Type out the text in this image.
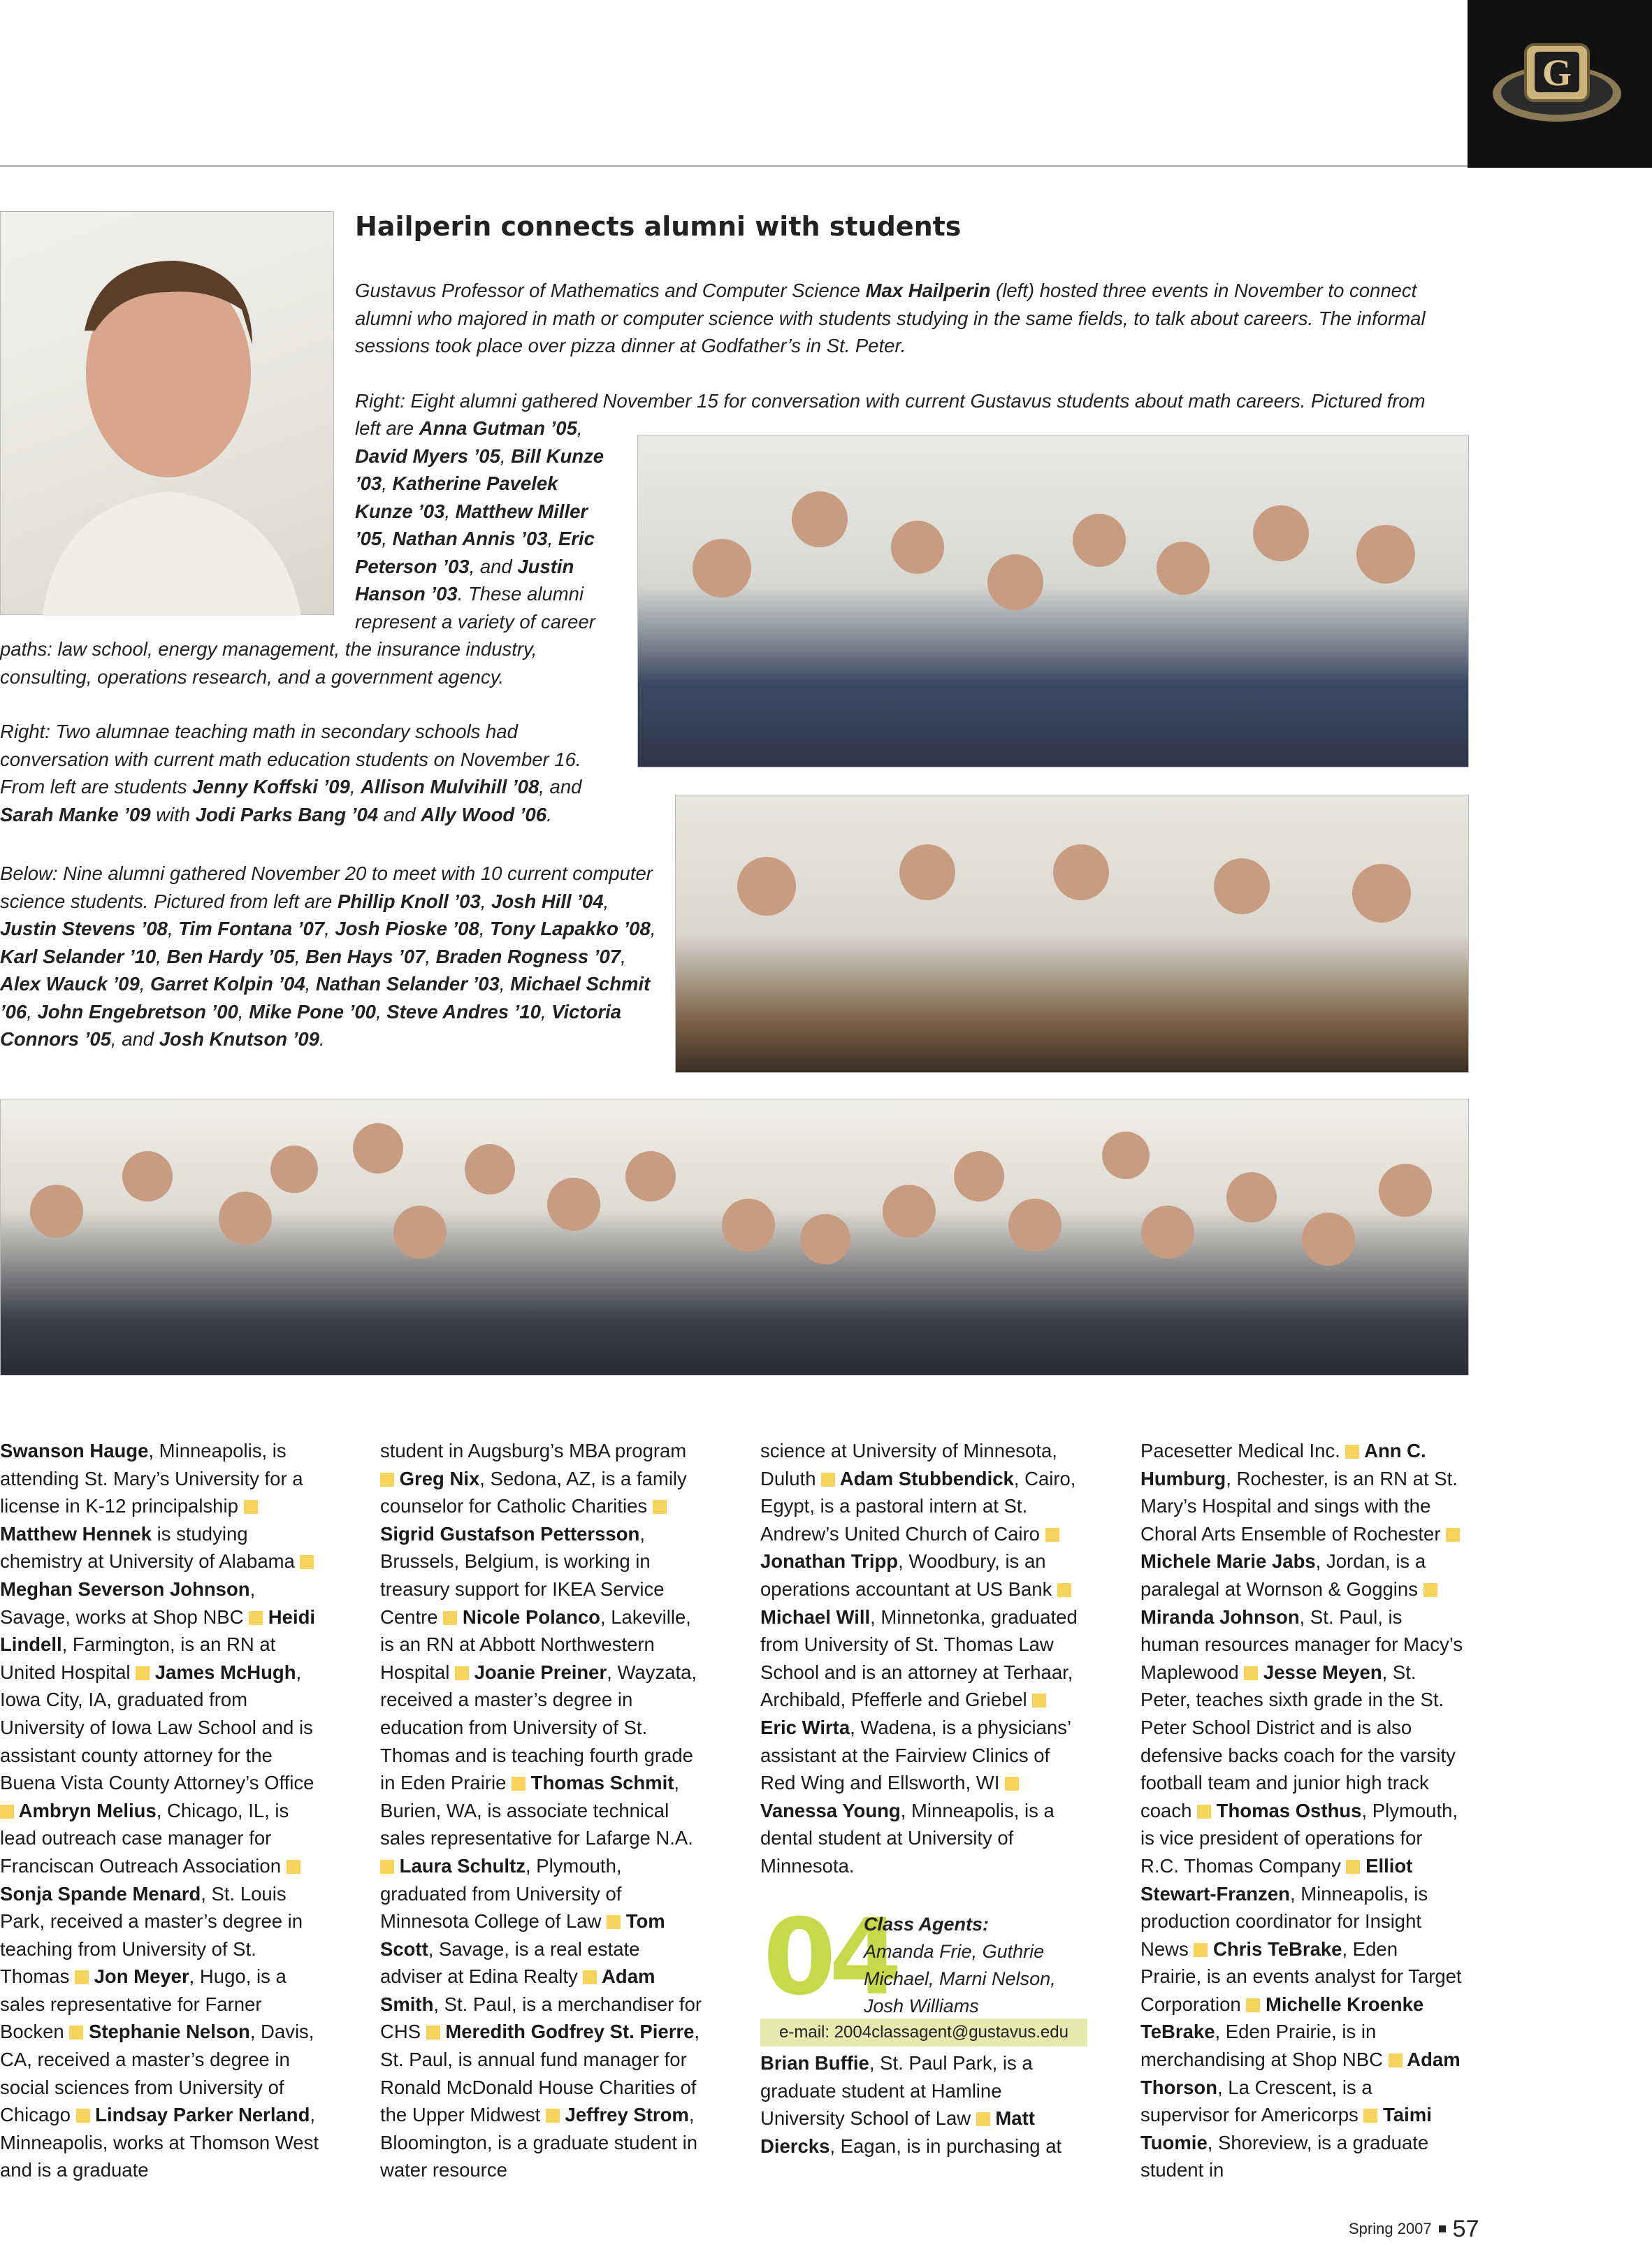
G
Hailperin connects alumni with students
Gustavus Professor of Mathematics and Computer Science Max Hailperin (left) hosted three events in November to connect alumni who majored in math or computer science with students studying in the same fields, to talk about careers. The informal sessions took place over pizza dinner at Godfather’s in St. Peter.
Right: Eight alumni gathered November 15 for conversation with current Gustavus students about math careers. Pictured from
left are Anna Gutman ’05, David Myers ’05, Bill Kunze ’03, Katherine Pavelek Kunze ’03, Matthew Miller ’05, Nathan Annis ’03, Eric Peterson ’03, and Justin Hanson ’03. These alumni represent a variety of career
paths: law school, energy management, the insurance industry, consulting, operations research, and a government agency.
Right: Two alumnae teaching math in secondary schools had conversation with current math education students on November 16. From left are students Jenny Koffski ’09, Allison Mulvihill ’08, and Sarah Manke ’09 with Jodi Parks Bang ’04 and Ally Wood ’06.
Below: Nine alumni gathered November 20 to meet with 10 current computer science students. Pictured from left are Phillip Knoll ’03, Josh Hill ’04, Justin Stevens ’08, Tim Fontana ’07, Josh Pioske ’08, Tony Lapakko ’08, Karl Selander ’10, Ben Hardy ’05, Ben Hays ’07, Braden Rogness ’07, Alex Wauck ’09, Garret Kolpin ’04, Nathan Selander ’03, Michael Schmit ’06, John Engebretson ’00, Mike Pone ’00, Steve Andres ’10, Victoria Connors ’05, and Josh Knutson ’09.
Swanson Hauge, Minneapolis, is attending St. Mary’s University for a license in K-12 principalship  Matthew Hennek is studying chemistry at University of Alabama  Meghan Severson Johnson, Savage, works at Shop NBC  Heidi Lindell, Farmington, is an RN at United Hospital  James McHugh, Iowa City, IA, graduated from University of Iowa Law School and is assistant county attorney for the Buena Vista County Attorney’s Office  Ambryn Melius, Chicago, IL, is lead outreach case manager for Franciscan Outreach Association  Sonja Spande Menard, St. Louis Park, received a master’s degree in teaching from University of St. Thomas  Jon Meyer, Hugo, is a sales representative for Farner Bocken  Stephanie Nelson, Davis, CA, received a master’s degree in social sciences from University of Chicago  Lindsay Parker Nerland, Minneapolis, works at Thomson West and is a graduate
student in Augsburg’s MBA program  Greg Nix, Sedona, AZ, is a family counselor for Catholic Charities  Sigrid Gustafson Pettersson, Brussels, Belgium, is working in treasury support for IKEA Service Centre  Nicole Polanco, Lakeville, is an RN at Abbott Northwestern Hospital  Joanie Preiner, Wayzata, received a master’s degree in education from University of St. Thomas and is teaching fourth grade in Eden Prairie  Thomas Schmit, Burien, WA, is associate technical sales representative for Lafarge N.A.  Laura Schultz, Plymouth, graduated from University of Minnesota College of Law  Tom Scott, Savage, is a real estate adviser at Edina Realty  Adam Smith, St. Paul, is a merchandiser for CHS  Meredith Godfrey St. Pierre, St. Paul, is annual fund manager for Ronald McDonald House Charities of the Upper Midwest  Jeffrey Strom, Bloomington, is a graduate student in water resource
science at University of Minnesota, Duluth  Adam Stubbendick, Cairo, Egypt, is a pastoral intern at St. Andrew’s United Church of Cairo  Jonathan Tripp, Woodbury, is an operations accountant at US Bank  Michael Will, Minnetonka, graduated from University of St. Thomas Law School and is an attorney at Terhaar, Archibald, Pfefferle and Griebel  Eric Wirta, Wadena, is a physicians’ assistant at the Fairview Clinics of Red Wing and Ellsworth, WI  Vanessa Young, Minneapolis, is a dental student at University of Minnesota.
04
Class Agents:
Amanda Frie, Guthrie Michael, Marni Nelson, Josh Williams
e-mail: 2004classagent@gustavus.edu
Brian Buffie, St. Paul Park, is a graduate student at Hamline University School of Law  Matt Diercks, Eagan, is in purchasing at
Pacesetter Medical Inc.  Ann C. Humburg, Rochester, is an RN at St. Mary’s Hospital and sings with the Choral Arts Ensemble of Rochester  Michele Marie Jabs, Jordan, is a paralegal at Wornson & Goggins  Miranda Johnson, St. Paul, is human resources manager for Macy’s Maplewood  Jesse Meyen, St. Peter, teaches sixth grade in the St. Peter School District and is also defensive backs coach for the varsity football team and junior high track coach  Thomas Osthus, Plymouth, is vice president of operations for R.C. Thomas Company  Elliot Stewart-Franzen, Minneapolis, is production coordinator for Insight News  Chris TeBrake, Eden Prairie, is an events analyst for Target Corporation  Michelle Kroenke TeBrake, Eden Prairie, is in merchandising at Shop NBC  Adam Thorson, La Crescent, is a supervisor for Americorps  Taimi Tuomie, Shoreview, is a graduate student in
Spring 2007 57
